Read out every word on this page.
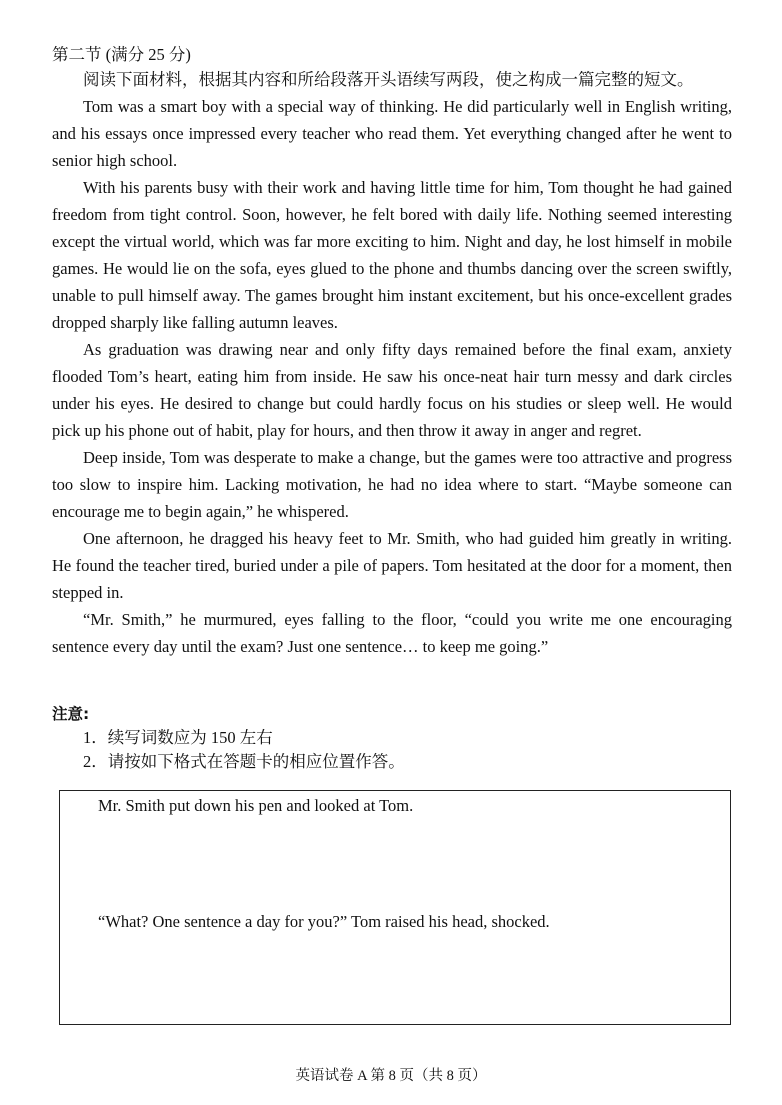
第二节 (满分 25 分)

阅读下面材料，根据其内容和所给段落开头语续写两段，使之构成一篇完整的短文。

Tom was a smart boy with a special way of thinking. He did particularly well in English writing, and his essays once impressed every teacher who read them. Yet everything changed after he went to senior high school.

With his parents busy with their work and having little time for him, Tom thought he had gained freedom from tight control. Soon, however, he felt bored with daily life. Nothing seemed interesting except the virtual world, which was far more exciting to him. Night and day, he lost himself in mobile games. He would lie on the sofa, eyes glued to the phone and thumbs dancing over the screen swiftly, unable to pull himself away. The games brought him instant excitement, but his once-excellent grades dropped sharply like falling autumn leaves.

As graduation was drawing near and only fifty days remained before the final exam, anxiety flooded Tom’s heart, eating him from inside. He saw his once-neat hair turn messy and dark circles under his eyes. He desired to change but could hardly focus on his studies or sleep well. He would pick up his phone out of habit, play for hours, and then throw it away in anger and regret.

Deep inside, Tom was desperate to make a change, but the games were too attractive and progress too slow to inspire him. Lacking motivation, he had no idea where to start. “Maybe someone can encourage me to begin again,” he whispered.

One afternoon, he dragged his heavy feet to Mr. Smith, who had guided him greatly in writing. He found the teacher tired, buried under a pile of papers. Tom hesitated at the door for a moment, then stepped in.

“Mr. Smith,” he murmured, eyes falling to the floor, “could you write me one encouraging sentence every day until the exam? Just one sentence… to keep me going.”

注意:
1．续写词数应为 150 左右
2．请按如下格式在答题卡的相应位置作答。
Mr. Smith put down his pen and looked at Tom.
“What? One sentence a day for you?” Tom raised his head, shocked.
英语试卷 A 第 8 页（共 8 页）
